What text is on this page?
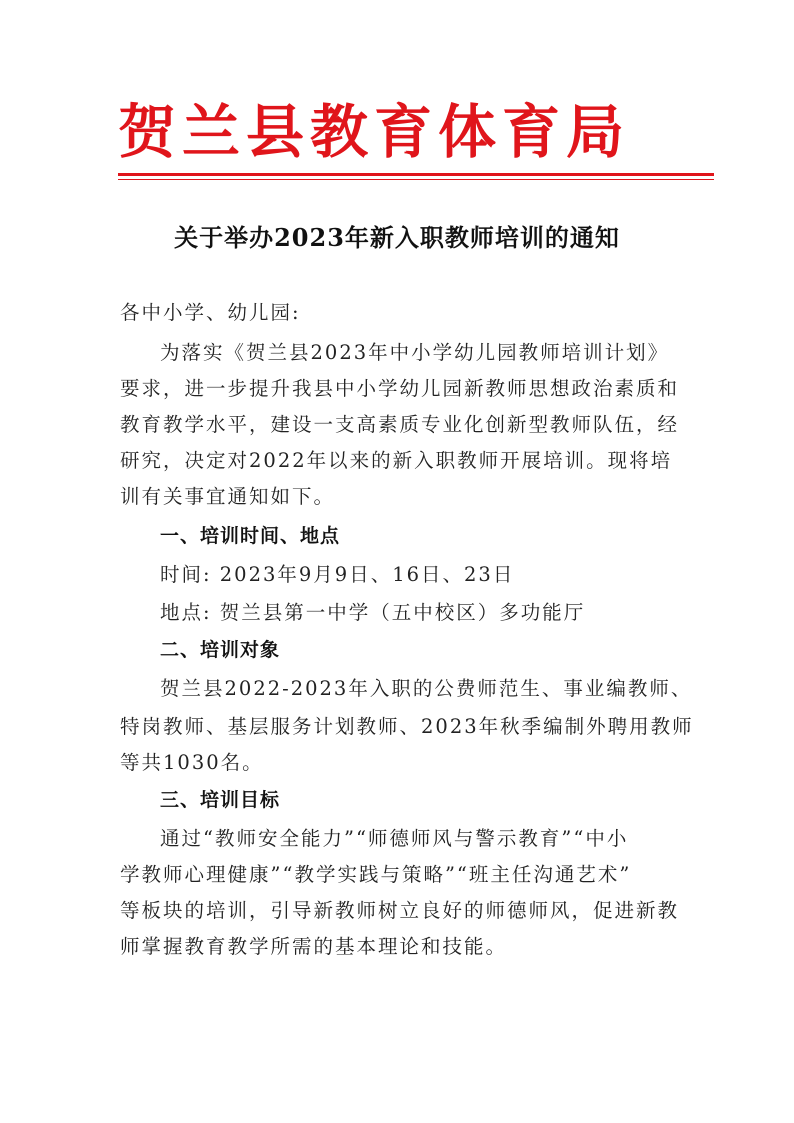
贺兰县教育体育局
关于举办2023年新入职教师培训的通知
各中小学、幼儿园:
为落实《贺兰县2023年中小学幼儿园教师培训计划》
要求，进一步提升我县中小学幼儿园新教师思想政治素质和
教育教学水平，建设一支高素质专业化创新型教师队伍，经
研究，决定对2022年以来的新入职教师开展培训。现将培
训有关事宜通知如下。
一、培训时间、地点
时间: 2023年9月9日、16日、23日
地点: 贺兰县第一中学（五中校区）多功能厅
二、培训对象
贺兰县2022-2023年入职的公费师范生、事业编教师、
特岗教师、基层服务计划教师、2023年秋季编制外聘用教师
等共1030名。
三、培训目标
通过“教师安全能力”“师德师风与警示教育”“中小
学教师心理健康”“教学实践与策略”“班主任沟通艺术”
等板块的培训，引导新教师树立良好的师德师风，促进新教
师掌握教育教学所需的基本理论和技能。
